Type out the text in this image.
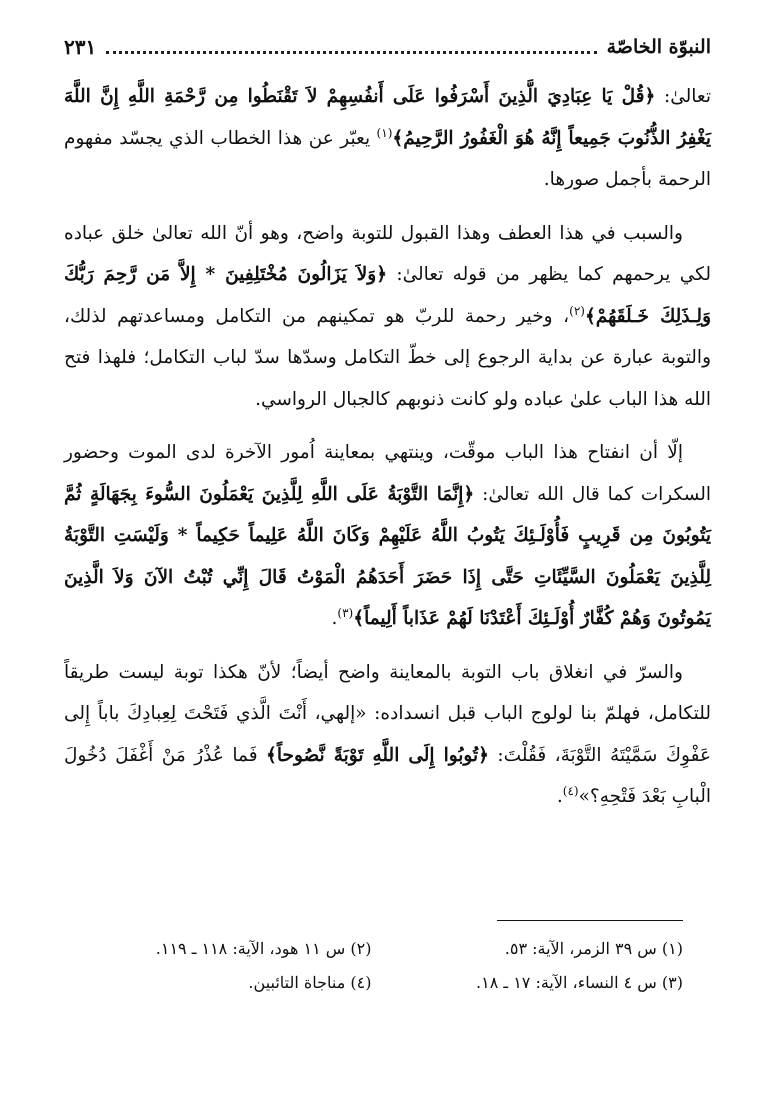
النبوّة الخاصّة
٢٣١

تعالىٰ: ﴿قُلْ يَا عِبَادِيَ الَّذِينَ أَسْرَفُوا عَلَى أَنفُسِهِمْ لاَ تَقْنَطُوا مِن رَّحْمَةِ اللَّهِ إِنَّ اللَّهَ يَغْفِرُ الذُّنُوبَ جَمِيعاً إِنَّهُ هُوَ الْغَفُورُ الرَّحِيمُ﴾$^{(١)}$ يعبّر عن هذا الخطاب الذي يجسّد مفهوم الرحمة بأجمل صورها.

والسبب في هذا العطف وهذا القبول للتوبة واضح، وهو أنّ الله تعالىٰ خلق عباده لكي يرحمهم كما يظهر من قوله تعالىٰ: ﴿وَلاَ يَزَالُونَ مُخْتَلِفِينَ * إِلاَّ مَن رَّحِمَ رَبُّكَ وَلِـذَلِكَ خَـلَقَهُمْ﴾$^{(٢)}$، وخير رحمة للربّ هو تمكينهم من التكامل ومساعدتهم لذلك، والتوبة عبارة عن بداية الرجوع إلى خطّ التكامل وسدّها سدّ لباب التكامل؛ فلهذا فتح الله هذا الباب علىٰ عباده ولو كانت ذنوبهم كالجبال الرواسي.

إلّا أن انفتاح هذا الباب موقّت، وينتهي بمعاينة اُمور الآخرة لدى الموت وحضور السكرات كما قال الله تعالىٰ: ﴿إِنَّمَا التَّوْبَةُ عَلَى اللَّهِ لِلَّذِينَ يَعْمَلُونَ السُّوءَ بِجَهَالَةٍ ثُمَّ يَتُوبُونَ مِن قَرِيبٍ فَأُوْلَـئِكَ يَتُوبُ اللَّهُ عَلَيْهِمْ وَكَانَ اللَّهُ عَلِيماً حَكِيماً * وَلَيْسَتِ التَّوْبَةُ لِلَّذِينَ يَعْمَلُونَ السَّيِّئَاتِ حَتَّى إِذَا حَضَرَ أَحَدَهُمُ الْمَوْتُ قَالَ إِنِّي تُبْتُ الآنَ وَلاَ الَّذِينَ يَمُوتُونَ وَهُمْ كُفَّارٌ أُوْلَـئِكَ أَعْتَدْنَا لَهُمْ عَذَاباً أَلِيماً﴾$^{(٣)}$.

والسرّ في انغلاق باب التوبة بالمعاينة واضح أيضاً؛ لأنّ هكذا توبة ليست طريقاً للتكامل، فهلمّ بنا لولوج الباب قبل انسداده: «إلهي، أَنْتَ الَّذي فَتَحْتَ لِعِبادِكَ باباً إِلى عَفْوِكَ سَمَّيْتَهُ التَّوْبَةَ، فَقُلْتَ: ﴿تُوبُوا إِلَى اللَّهِ تَوْبَةً نَّصُوحاً﴾ فَما عُذْرُ مَنْ أَغْفَلَ دُخُولَ الْبابِ بَعْدَ فَتْحِهِ؟»$^{(٤)}$.

(١) س ٣٩ الزمر، الآية: ٥٣.
(٢) س ١١ هود، الآية: ١١٨ ـ ١١٩.
(٣) س ٤ النساء، الآية: ١٧ ـ ١٨.
(٤) مناجاة التائبين.
